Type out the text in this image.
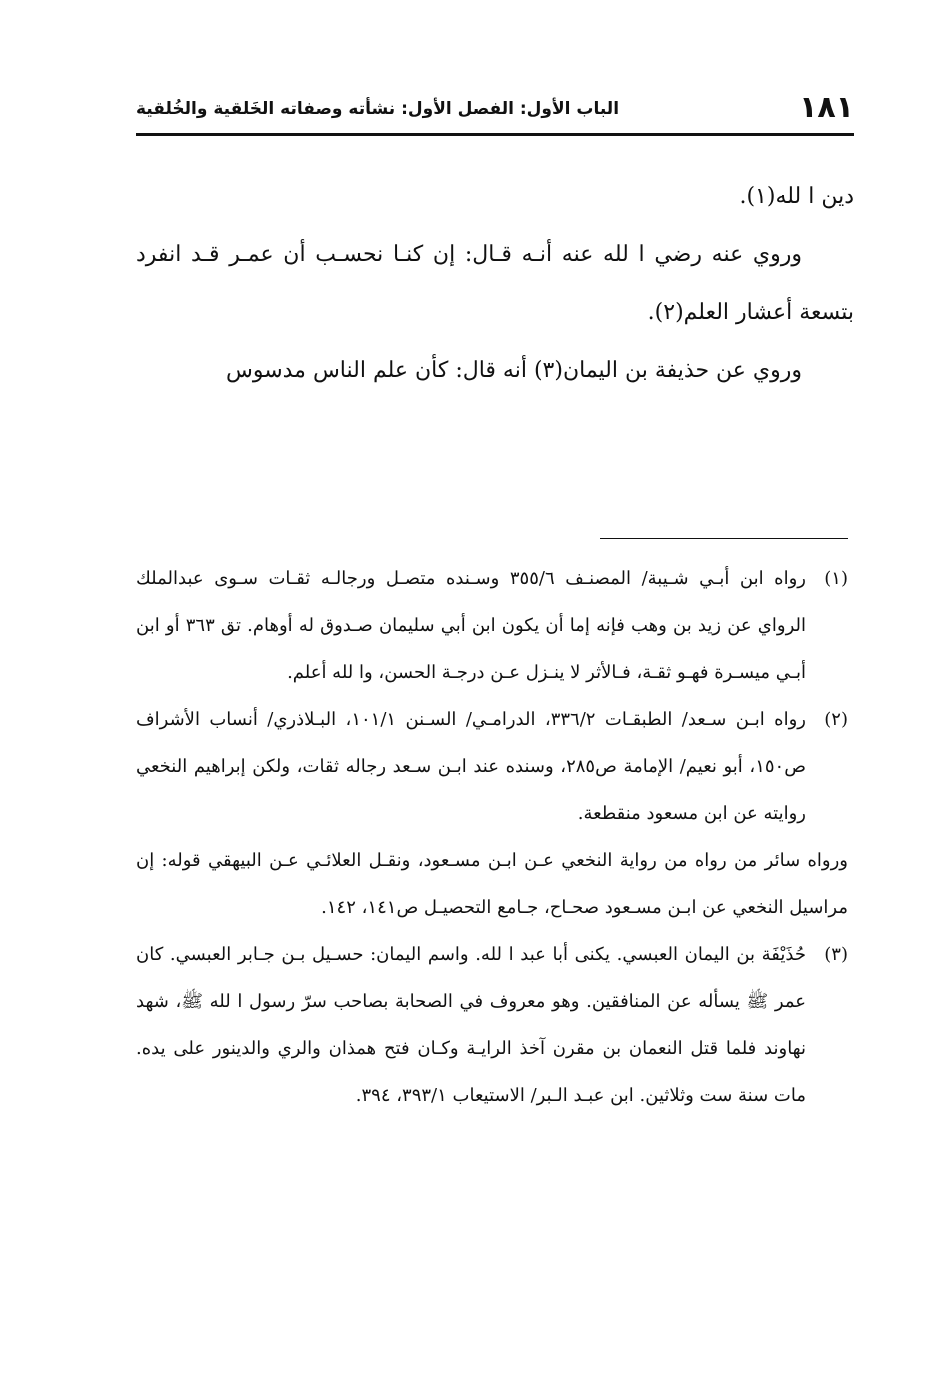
١٨١
الباب الأول: الفصل الأول: نشأته وصفاته الخَلقية والخُلقية

دين ا لله(١).

وروي عنه رضي ا لله عنه أنـه قـال: إن كنـا نحسـب أن عمـر قـد انفرد بتسعة أعشار العلم(٢).

وروي عن حذيفة بن اليمان(٣) أنه قال: كأن علم الناس مدسوس

(١)

رواه ابن أبـي شـيبة/ المصنـف ٣٥٥/٦ وسـنده متصـل ورجالـه ثقـات سـوى عبدالملك الرواي عن زيد بن وهب فإنه إما أن يكون ابن أبي سليمان صـدوق له أوهام. تق ٣٦٣ أو ابن أبـي ميسـرة فهـو ثقـة، فـالأثر لا ينـزل عـن درجـة الحسن، وا لله أعلم.

(٢)

رواه ابـن سـعد/ الطبقـات ٣٣٦/٢، الدرامـي/ السـنن ١٠١/١، البـلاذري/ أنساب الأشراف ص١٥٠، أبو نعيم/ الإمامة ص٢٨٥، وسنده عند ابـن سـعد رجاله ثقات، ولكن إبراهيم النخعي روايته عن ابن مسعود منقطعة.

ورواه سائر من رواه من رواية النخعي عـن ابـن مسـعود، ونقـل العلائـي عـن البيهقي قوله: إن مراسيل النخعي عن ابـن مسـعود صحـاح، جـامع التحصيـل ص١٤١، ١٤٢.

(٣)

حُذَيْفَة بن اليمان العبسي. يكنى أبا عبد ا لله. واسم اليمان: حسـيل بـن جـابر العبسي. كان عمر ﷺ يسأله عن المنافقين. وهو معروف في الصحابة بصاحب سرّ رسول ا لله ﷺ، شهد نهاوند فلما قتل النعمان بن مقرن آخذ الرايـة وكـان فتح همذان والري والدينور على يده. مات سنة ست وثلاثين. ابن عبـد الـبر/ الاستيعاب ٣٩٣/١، ٣٩٤.
